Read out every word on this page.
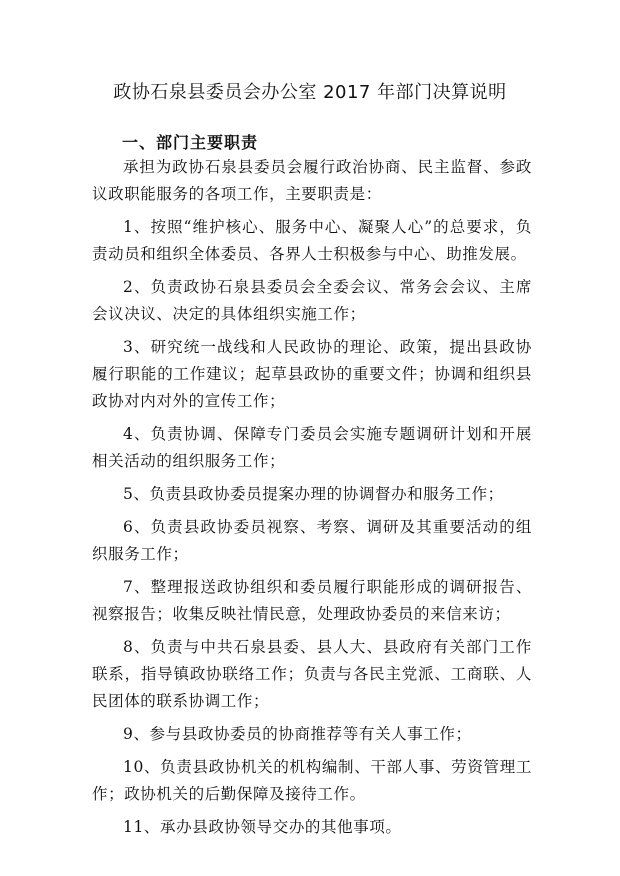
政协石泉县委员会办公室 2017 年部门决算说明
一、部门主要职责

承担为政协石泉县委员会履行政治协商、民主监督、参政议政职能服务的各项工作，主要职责是：

1、按照“维护核心、服务中心、凝聚人心”的总要求，负责动员和组织全体委员、各界人士积极参与中心、助推发展。

2、负责政协石泉县委员会全委会议、常务会会议、主席会议决议、决定的具体组织实施工作；

3、研究统一战线和人民政协的理论、政策，提出县政协履行职能的工作建议；起草县政协的重要文件；协调和组织县政协对内对外的宣传工作；

4、负责协调、保障专门委员会实施专题调研计划和开展相关活动的组织服务工作；

5、负责县政协委员提案办理的协调督办和服务工作；

6、负责县政协委员视察、考察、调研及其重要活动的组织服务工作；

7、整理报送政协组织和委员履行职能形成的调研报告、视察报告；收集反映社情民意，处理政协委员的来信来访；

8、负责与中共石泉县委、县人大、县政府有关部门工作联系，指导镇政协联络工作；负责与各民主党派、工商联、人民团体的联系协调工作；

9、参与县政协委员的协商推荐等有关人事工作；

10、负责县政协机关的机构编制、干部人事、劳资管理工作；政协机关的后勤保障及接待工作。

11、承办县政协领导交办的其他事项。
